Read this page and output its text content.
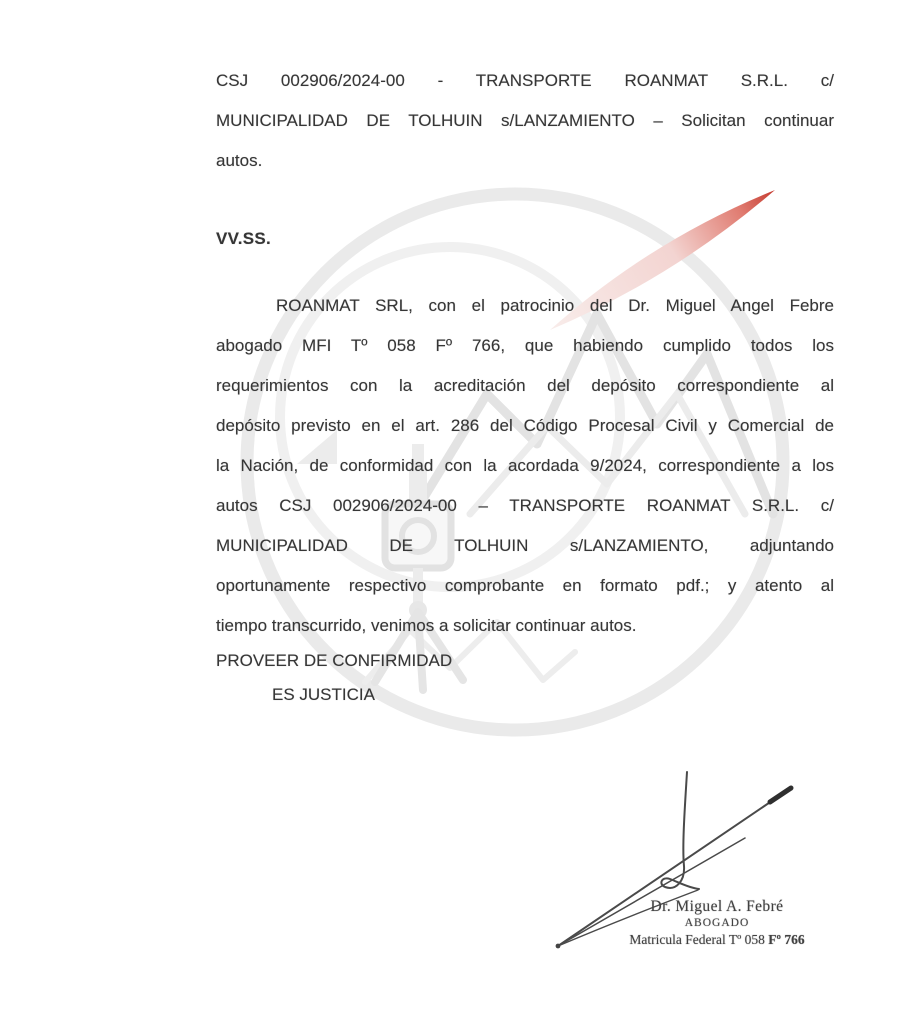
CSJ 002906/2024-00 - TRANSPORTE ROANMAT S.R.L. c/
MUNICIPALIDAD DE TOLHUIN s/LANZAMIENTO – Solicitan continuar
autos.
VV.SS.
ROANMAT SRL, con el patrocinio del Dr. Miguel Angel Febre
abogado MFI Tº 058 Fº 766, que habiendo cumplido todos los
requerimientos con la acreditación del depósito correspondiente al
depósito previsto en el art. 286 del Código Procesal Civil y Comercial de
la Nación, de conformidad con la acordada 9/2024, correspondiente a los
autos CSJ 002906/2024-00 – TRANSPORTE ROANMAT S.R.L. c/
MUNICIPALIDAD DE TOLHUIN s/LANZAMIENTO, adjuntando
oportunamente respectivo comprobante en formato pdf.; y atento al
tiempo transcurrido, venimos a solicitar continuar autos.
PROVEER DE CONFIRMIDAD
ES JUSTICIA
Dr. Miguel A. Febré
ABOGADO
Matricula Federal Tº 058 Fº 766
